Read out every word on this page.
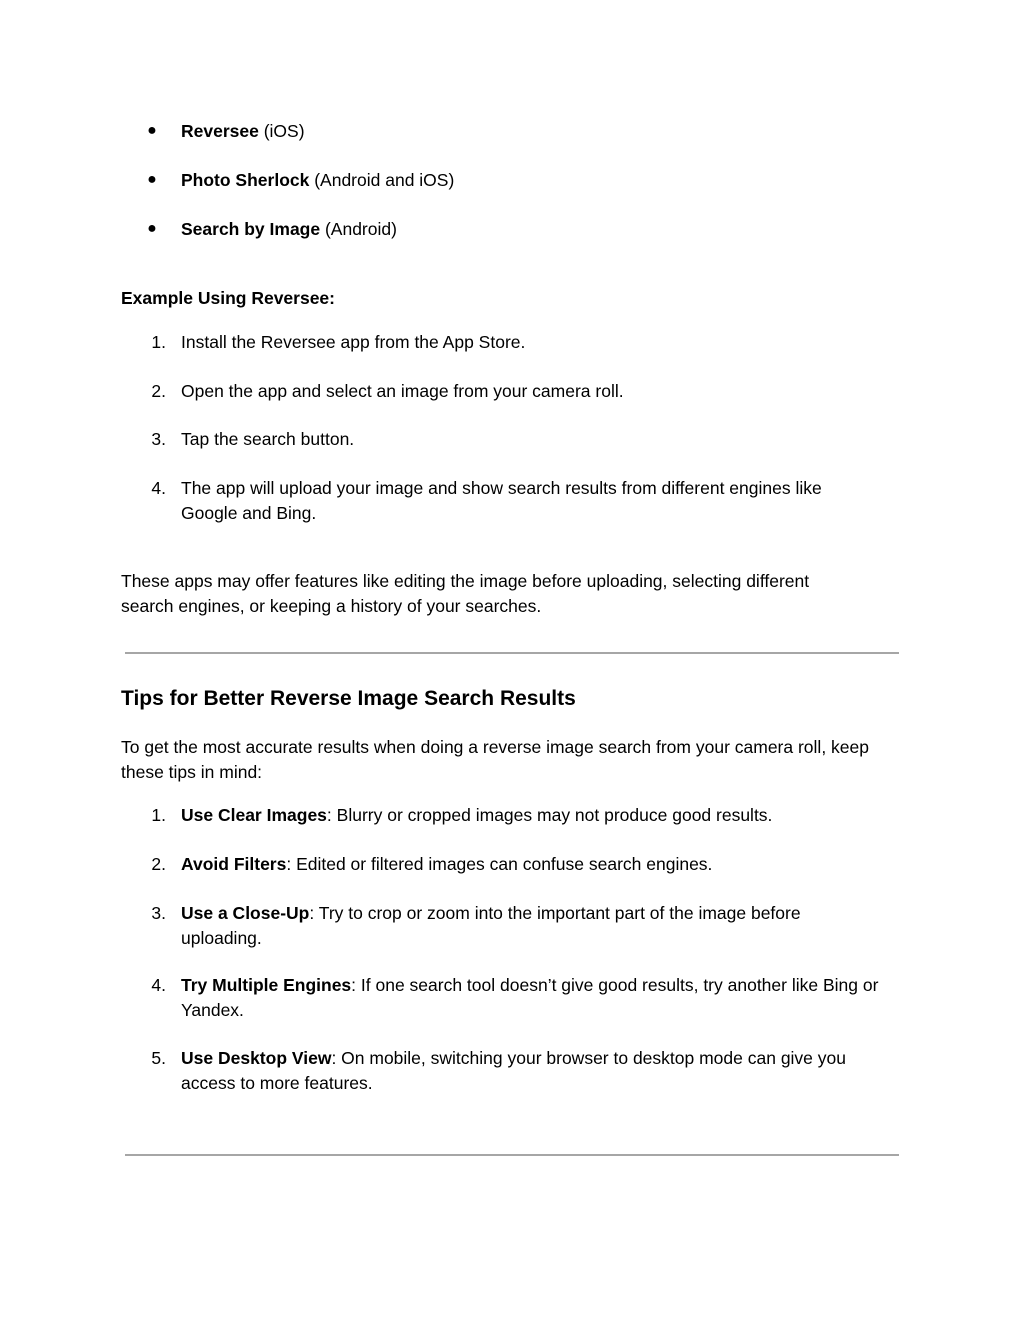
●	Reversee (iOS)
●	Photo Sherlock (Android and iOS)
●	Search by Image (Android)
Example Using Reversee:
1. Install the Reversee app from the App Store.
2. Open the app and select an image from your camera roll.
3. Tap the search button.
4. The app will upload your image and show search results from different engines like Google and Bing.
These apps may offer features like editing the image before uploading, selecting different search engines, or keeping a history of your searches.
Tips for Better Reverse Image Search Results
To get the most accurate results when doing a reverse image search from your camera roll, keep these tips in mind:
1. Use Clear Images: Blurry or cropped images may not produce good results.
2. Avoid Filters: Edited or filtered images can confuse search engines.
3. Use a Close-Up: Try to crop or zoom into the important part of the image before uploading.
4. Try Multiple Engines: If one search tool doesn’t give good results, try another like Bing or Yandex.
5. Use Desktop View: On mobile, switching your browser to desktop mode can give you access to more features.
